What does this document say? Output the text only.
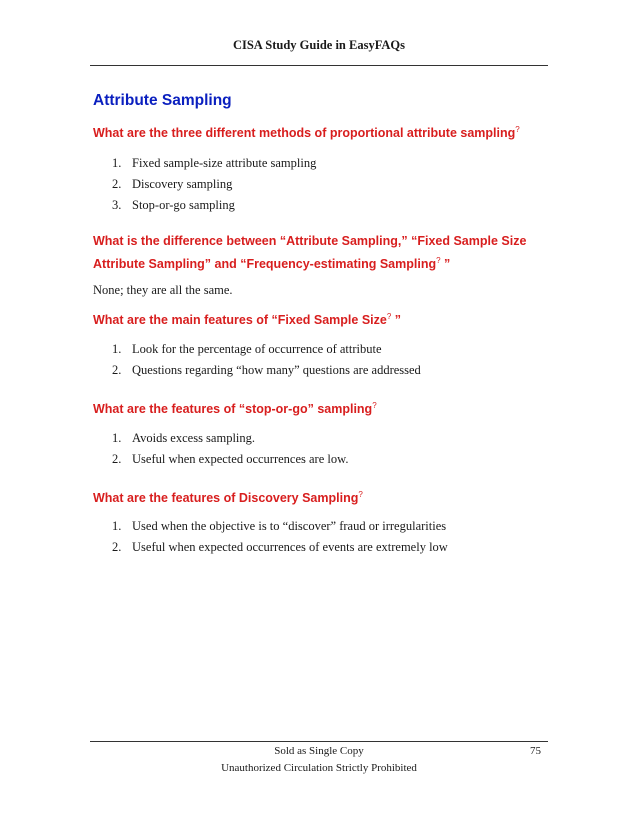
CISA Study Guide in EasyFAQs
Attribute Sampling
What are the three different methods of proportional attribute sampling?
1. Fixed sample-size attribute sampling
2. Discovery sampling
3. Stop-or-go sampling
What is the difference between “Attribute Sampling,” “Fixed Sample Size
Attribute Sampling” and “Frequency-estimating Sampling? ”
None; they are all the same.
What are the main features of “Fixed Sample Size? ”
1. Look for the percentage of occurrence of attribute
2. Questions regarding “how many” questions are addressed
What are the features of “stop-or-go” sampling?
1. Avoids excess sampling.
2. Useful when expected occurrences are low.
What are the features of Discovery Sampling?
1. Used when the objective is to “discover” fraud or irregularities
2. Useful when expected occurrences of events are extremely low
Sold as Single Copy
Unauthorized Circulation Strictly Prohibited
75
